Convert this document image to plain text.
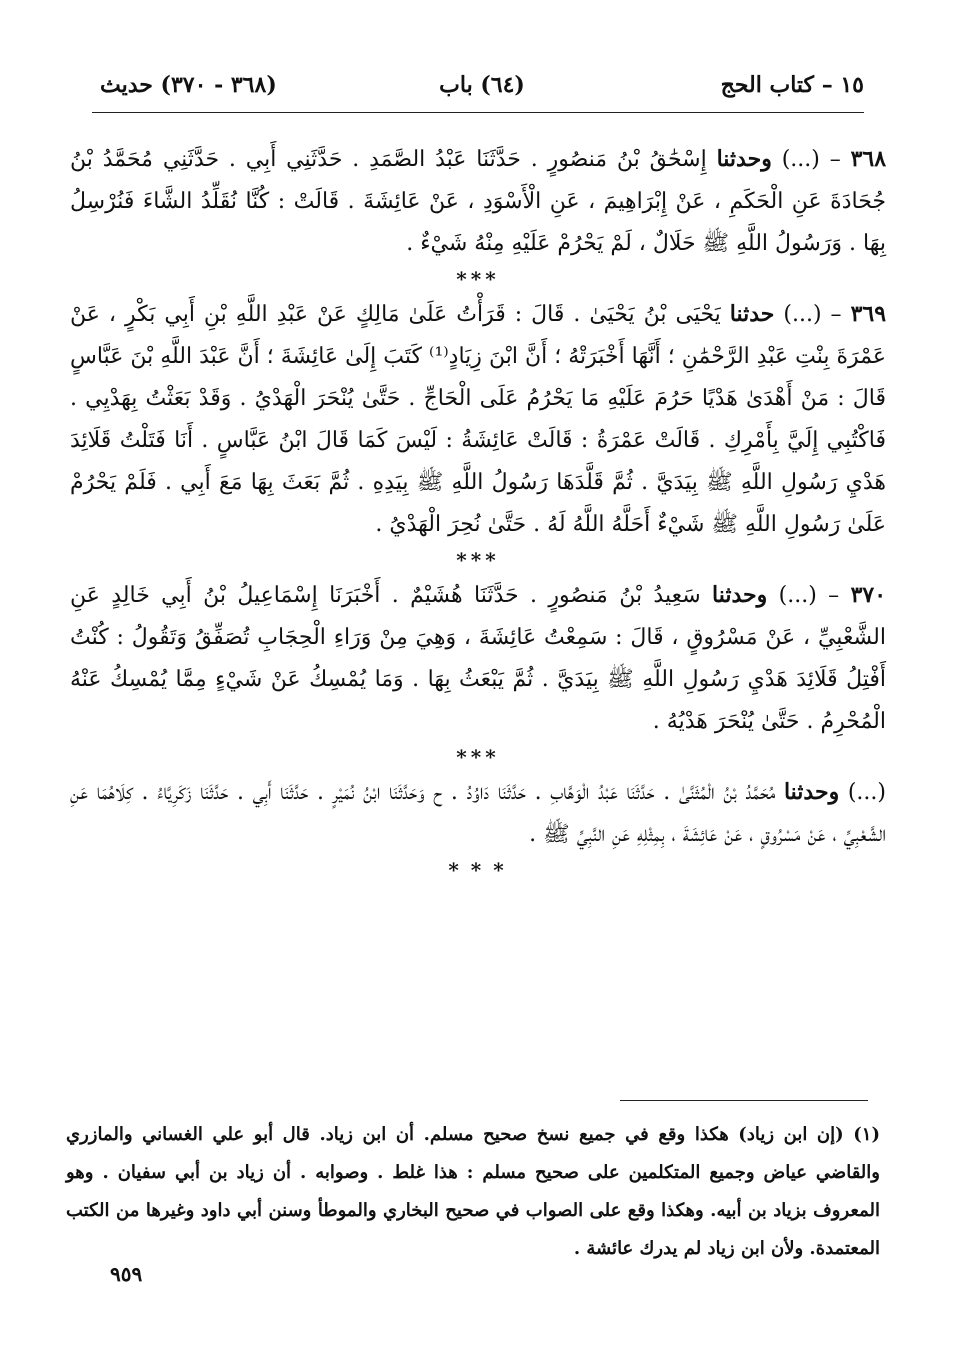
١٥ – كتاب الحج
(٦٤) باب
(٣٦٨ - ٣٧٠) حديث

٣٦٨ – (...) وحدثنا إِسْحَٰقُ بْنُ مَنصُورٍ . حَدَّثَنَا عَبْدُ الصَّمَدِ . حَدَّثَنِي أَبِي . حَدَّثَنِي مُحَمَّدُ بْنُ جُحَادَةَ عَنِ الْحَكَمِ ، عَنْ إِبْرَاهِيمَ ، عَنِ الْأَسْوَدِ ، عَنْ عَائِشَةَ . قَالَتْ : كُنَّا نُقَلِّدُ الشَّاءَ فَنُرْسِلُ بِهَا . وَرَسُولُ اللَّهِ ﷺ حَلَالٌ ، لَمْ يَحْرُمْ عَلَيْهِ مِنْهُ شَيْءٌ .

***

٣٦٩ – (...) حدثنا يَحْيَى بْنُ يَحْيَىٰ . قَالَ : قَرَأْتُ عَلَىٰ مَالِكٍ عَنْ عَبْدِ اللَّهِ بْنِ أَبِي بَكْرٍ ، عَنْ عَمْرَةَ بِنْتِ عَبْدِ الرَّحْمَٰنِ ؛ أَنَّهَا أَخْبَرَتْهُ ؛ أَنَّ ابْنَ زِيَادٍ⁽¹⁾ كَتَبَ إِلَىٰ عَائِشَةَ ؛ أَنَّ عَبْدَ اللَّهِ بْنَ عَبَّاسٍ قَالَ : مَنْ أَهْدَىٰ هَدْيًا حَرُمَ عَلَيْهِ مَا يَحْرُمُ عَلَى الْحَاجِّ . حَتَّىٰ يُنْحَرَ الْهَدْيُ . وَقَدْ بَعَثْتُ بِهَدْيِي . فَاكْتُبِي إِلَيَّ بِأَمْرِكِ . قَالَتْ عَمْرَةُ : قَالَتْ عَائِشَةُ : لَيْسَ كَمَا قَالَ ابْنُ عَبَّاسٍ . أَنَا فَتَلْتُ قَلَائِدَ هَدْيِ رَسُولِ اللَّهِ ﷺ بِيَدَيَّ . ثُمَّ قَلَّدَهَا رَسُولُ اللَّهِ ﷺ بِيَدِهِ . ثُمَّ بَعَثَ بِهَا مَعَ أَبِي . فَلَمْ يَحْرُمْ عَلَىٰ رَسُولِ اللَّهِ ﷺ شَيْءٌ أَحَلَّهُ اللَّهُ لَهُ . حَتَّىٰ نُحِرَ الْهَدْيُ .

***

٣٧٠ – (...) وحدثنا سَعِيدُ بْنُ مَنصُورٍ . حَدَّثَنَا هُشَيْمٌ . أَخْبَرَنَا إِسْمَاعِيلُ بْنُ أَبِي خَالِدٍ عَنِ الشَّعْبِيِّ ، عَنْ مَسْرُوقٍ ، قَالَ : سَمِعْتُ عَائِشَةَ ، وَهِيَ مِنْ وَرَاءِ الْحِجَابِ تُصَفِّقُ وَتَقُولُ : كُنْتُ أَفْتِلُ قَلَائِدَ هَدْيِ رَسُولِ اللَّهِ ﷺ بِيَدَيَّ . ثُمَّ يَبْعَثُ بِهَا . وَمَا يُمْسِكُ عَنْ شَيْءٍ مِمَّا يُمْسِكُ عَنْهُ الْمُحْرِمُ . حَتَّىٰ يُنْحَرَ هَدْيُهُ .

***

(...) وحدثنا مُحَمَّدُ بْنُ الْمُثَنَّىٰ . حَدَّثَنَا عَبْدُ الْوَهَّابِ . حَدَّثَنَا دَاوُدُ . ح وَحَدَّثَنَا ابْنُ نُمَيْرٍ . حَدَّثَنَا أَبِي . حَدَّثَنَا زَكَرِيَّاءُ . كِلَاهُمَا عَنِ الشَّعْبِيِّ ، عَنْ مَسْرُوقٍ ، عَنْ عَائِشَةَ ، بِمِثْلِهِ عَنِ النَّبِيِّ ﷺ .

* * *

(١) (إن ابن زياد) هكذا وقع في جميع نسخ صحيح مسلم. أن ابن زياد. قال أبو علي الغساني والمازري والقاضي عياض وجميع المتكلمين على صحيح مسلم : هذا غلط . وصوابه . أن زياد بن أبي سفيان . وهو المعروف بزياد بن أبيه. وهكذا وقع على الصواب في صحيح البخاري والموطأ وسنن أبي داود وغيرها من الكتب المعتمدة. ولأن ابن زياد لم يدرك عائشة .

٩٥٩
